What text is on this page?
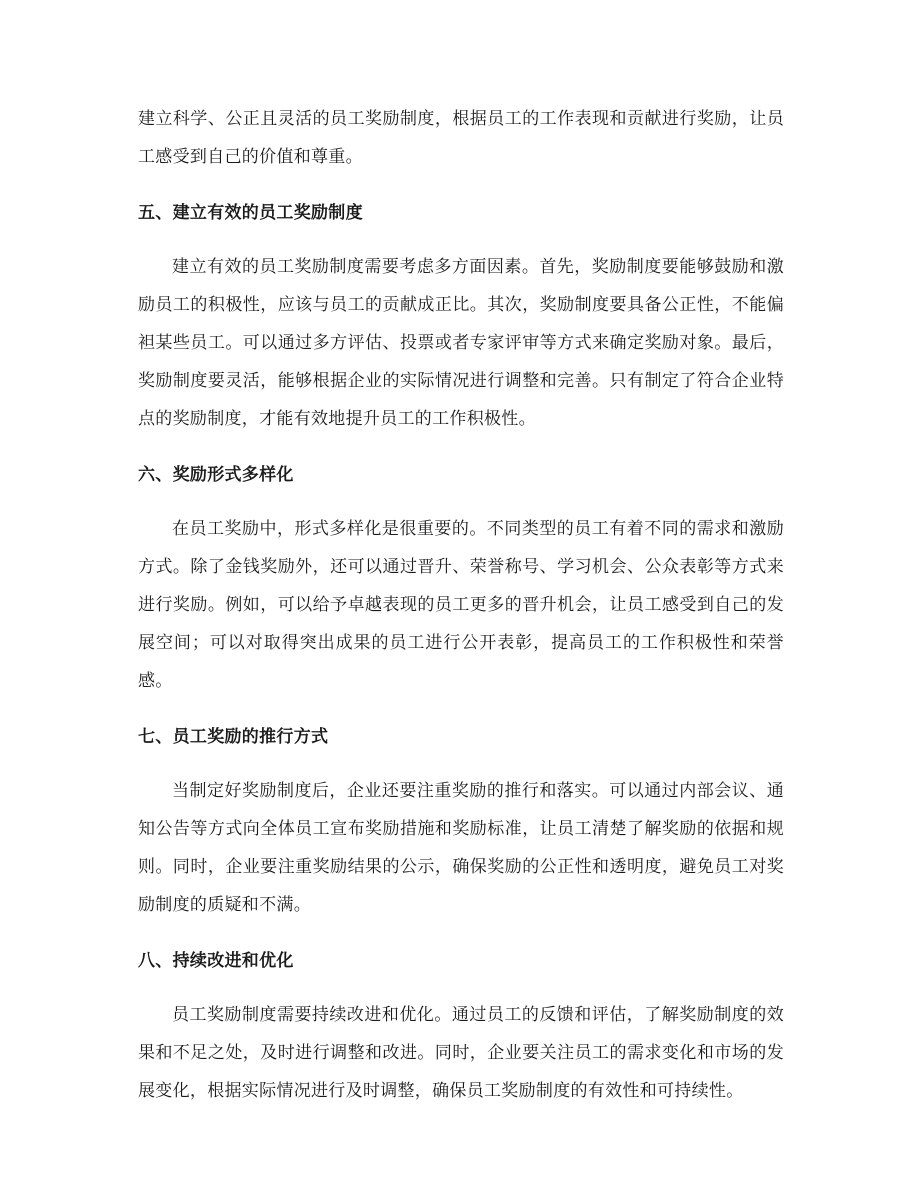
建立科学、公正且灵活的员工奖励制度，根据员工的工作表现和贡献进行奖励，让员工感受到自己的价值和尊重。

五、建立有效的员工奖励制度

建立有效的员工奖励制度需要考虑多方面因素。首先，奖励制度要能够鼓励和激励员工的积极性，应该与员工的贡献成正比。其次，奖励制度要具备公正性，不能偏袒某些员工。可以通过多方评估、投票或者专家评审等方式来确定奖励对象。最后，奖励制度要灵活，能够根据企业的实际情况进行调整和完善。只有制定了符合企业特点的奖励制度，才能有效地提升员工的工作积极性。

六、奖励形式多样化

在员工奖励中，形式多样化是很重要的。不同类型的员工有着不同的需求和激励方式。除了金钱奖励外，还可以通过晋升、荣誉称号、学习机会、公众表彰等方式来进行奖励。例如，可以给予卓越表现的员工更多的晋升机会，让员工感受到自己的发展空间；可以对取得突出成果的员工进行公开表彰，提高员工的工作积极性和荣誉感。

七、员工奖励的推行方式

当制定好奖励制度后，企业还要注重奖励的推行和落实。可以通过内部会议、通知公告等方式向全体员工宣布奖励措施和奖励标准，让员工清楚了解奖励的依据和规则。同时，企业要注重奖励结果的公示，确保奖励的公正性和透明度，避免员工对奖励制度的质疑和不满。

八、持续改进和优化

员工奖励制度需要持续改进和优化。通过员工的反馈和评估，了解奖励制度的效果和不足之处，及时进行调整和改进。同时，企业要关注员工的需求变化和市场的发展变化，根据实际情况进行及时调整，确保员工奖励制度的有效性和可持续性。
